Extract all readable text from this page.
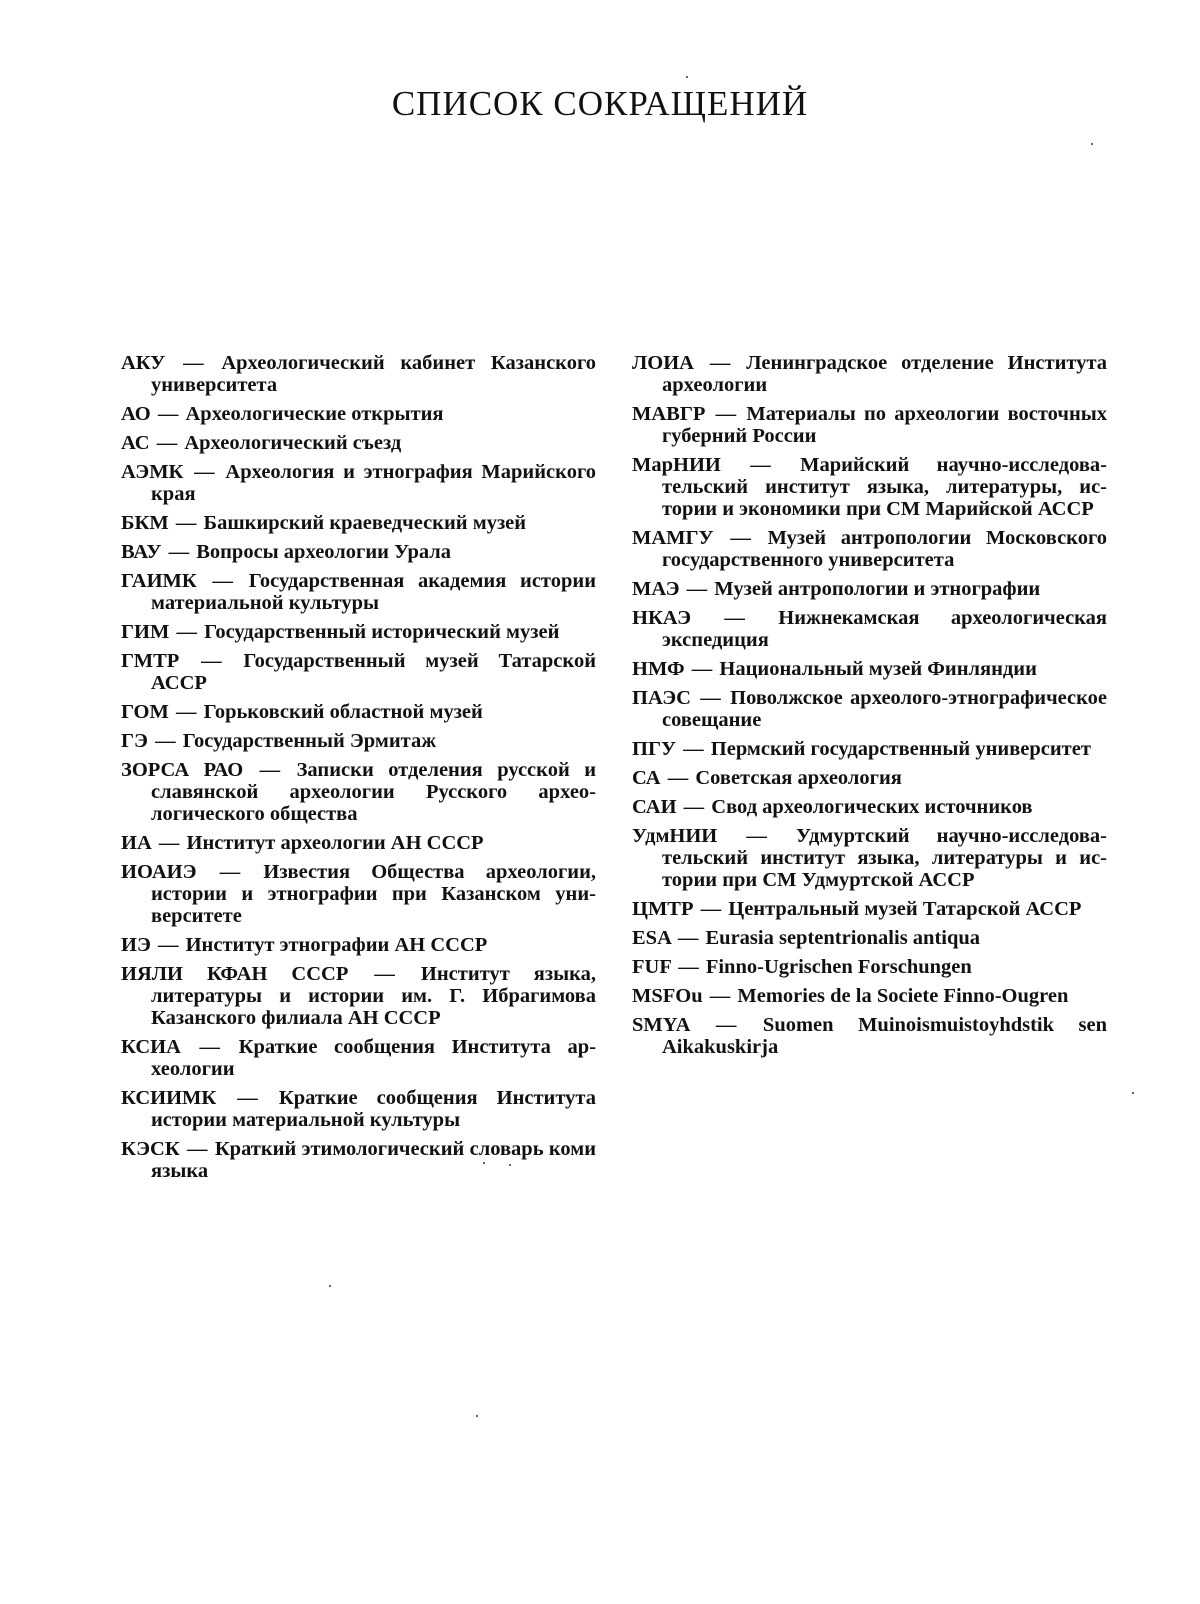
СПИСОК СОКРАЩЕНИЙ

АКУ — Археологический кабинет Казанского университета

АО — Археологические открытия

АС — Археологический съезд

АЭМК — Археология и этнография Марийского края

БКМ — Башкирский краеведческий музей

ВАУ — Вопросы археологии Урала

ГАИМК — Государственная академия истории материальной культуры

ГИМ — Государственный исторический музей

ГМТР — Государственный музей Татарской АССР

ГОМ — Горьковский областной музей

ГЭ — Государственный Эрмитаж

ЗОРСА РАО — Записки отделения русской и славянской археологии Русского археологического общества

ИА — Институт археологии АН СССР

ИОАИЭ — Известия Общества археологии, истории и этнографии при Казанском университете

ИЭ — Институт этнографии АН СССР

ИЯЛИ КФАН СССР — Институт языка, литературы и истории им. Г. Ибрагимова Казанского филиала АН СССР

КСИА — Краткие сообщения Института археологии

КСИИМК — Краткие сообщения Института истории материальной культуры

КЭСК — Краткий этимологический словарь коми языка

ЛОИА — Ленинградское отделение Института археологии

МАВГР — Материалы по археологии восточных губерний России

МарНИИ — Марийский научно-исследовательский институт языка, литературы, истории и экономики при СМ Марийской АССР

МАМГУ — Музей антропологии Московского государственного университета

МАЭ — Музей антропологии и этнографии

НКАЭ — Нижнекамская археологическая экспедиция

НМФ — Национальный музей Финляндии

ПАЭС — Поволжское археолого-этнографическое совещание

ПГУ — Пермский государственный университет

СА — Советская археология

САИ — Свод археологических источников

УдмНИИ — Удмуртский научно-исследовательский институт языка, литературы и истории при СМ Удмуртской АССР

ЦМТР — Центральный музей Татарской АССР

ESA — Eurasia septentrionalis antiqua

FUF — Finno-Ugrischen Forschungen

MSFOu — Memories de la Societe Finno-Ougren

SMYA — Suomen Muinoismuistoyhdstik sen Aikakuskirja
